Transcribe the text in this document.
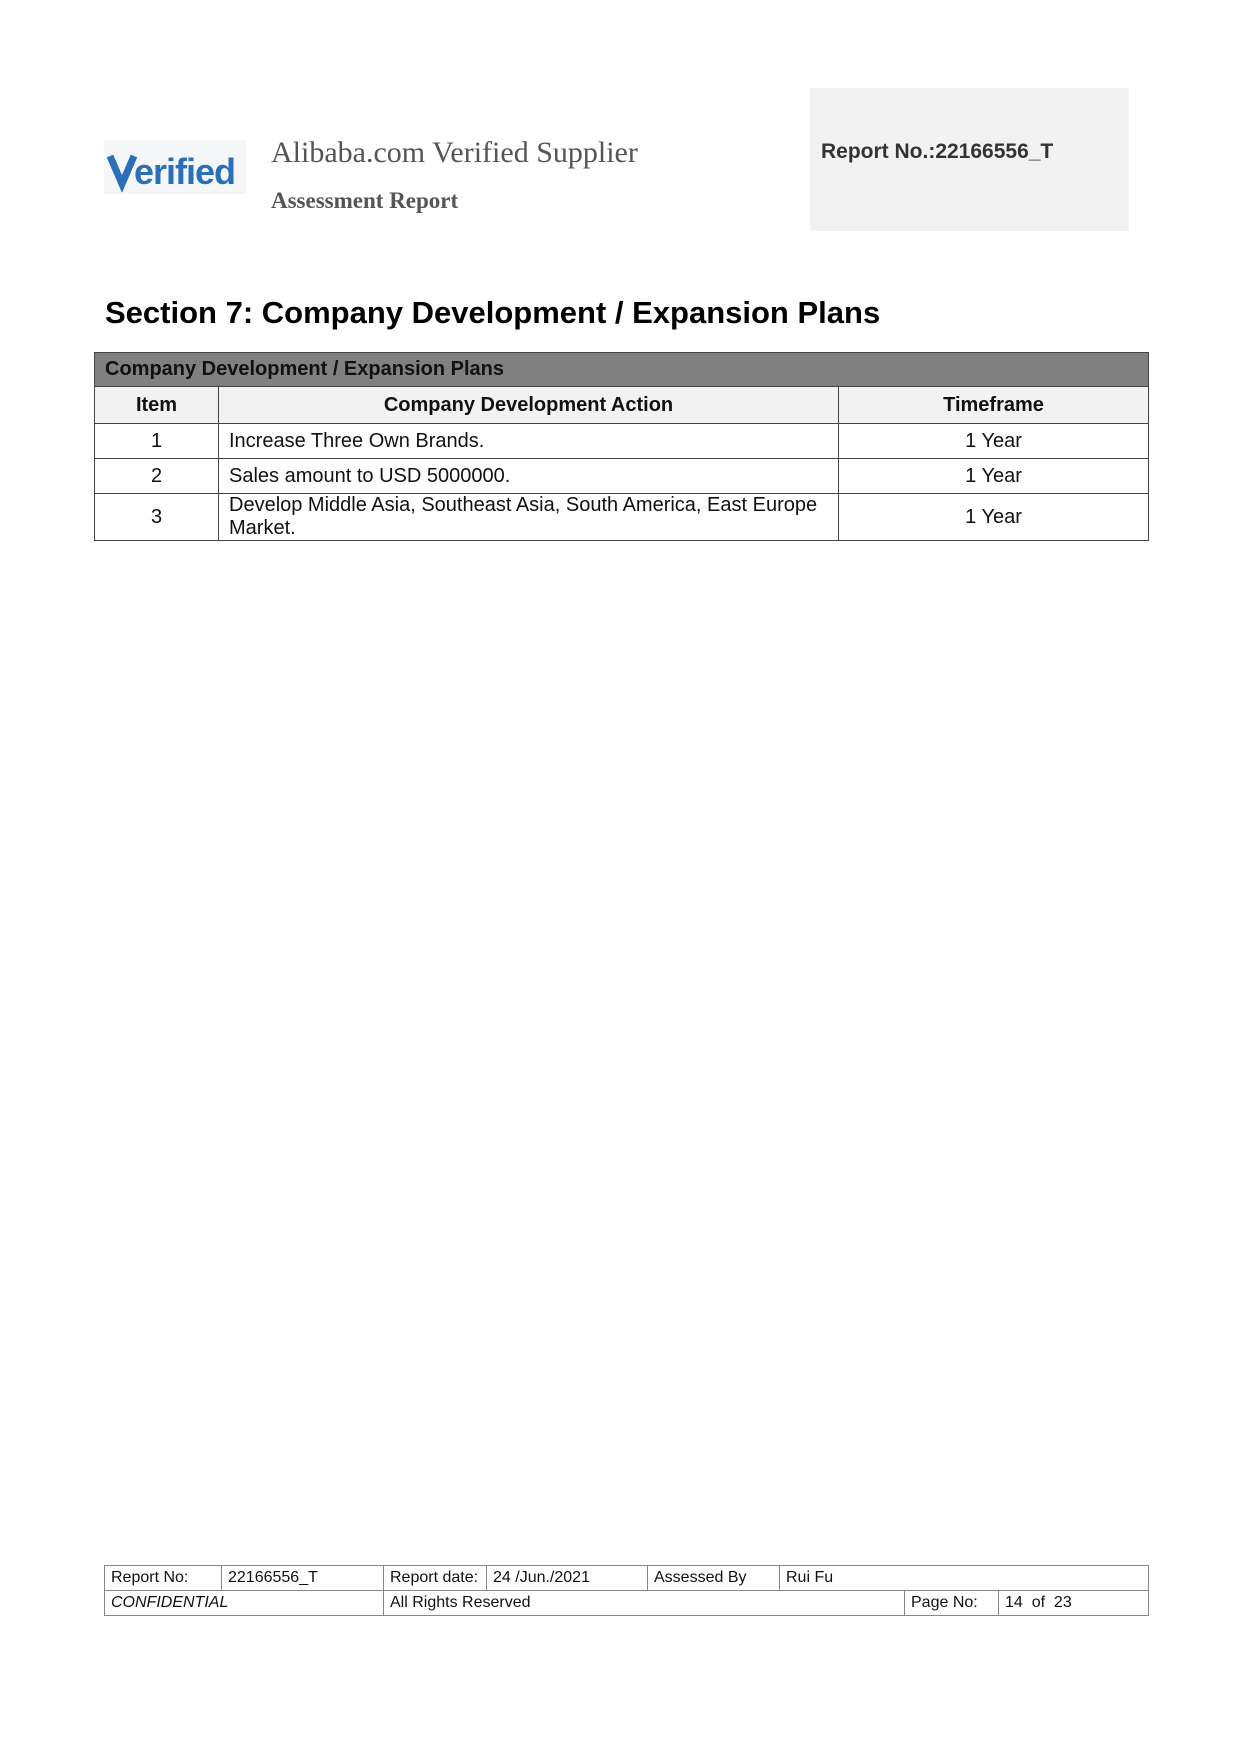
erified Alibaba.com Verified Supplier
Assessment Report
Report No.:22166556_T
Section 7: Company Development / Expansion Plans
Company Development / Expansion Plans		
Item	Company Development Action	Timeframe
1	Increase Three Own Brands.	1 Year
2	Sales amount to USD 5000000.	1 Year
3	Develop Middle Asia, Southeast Asia, South America, East Europe Market.	1 Year
Report No:	22166556_T	Report date:	24 /Jun./2021	Assessed By	Rui Fu		
CONFIDENTIAL		All Rights Reserved				Page No:	14  of  23
